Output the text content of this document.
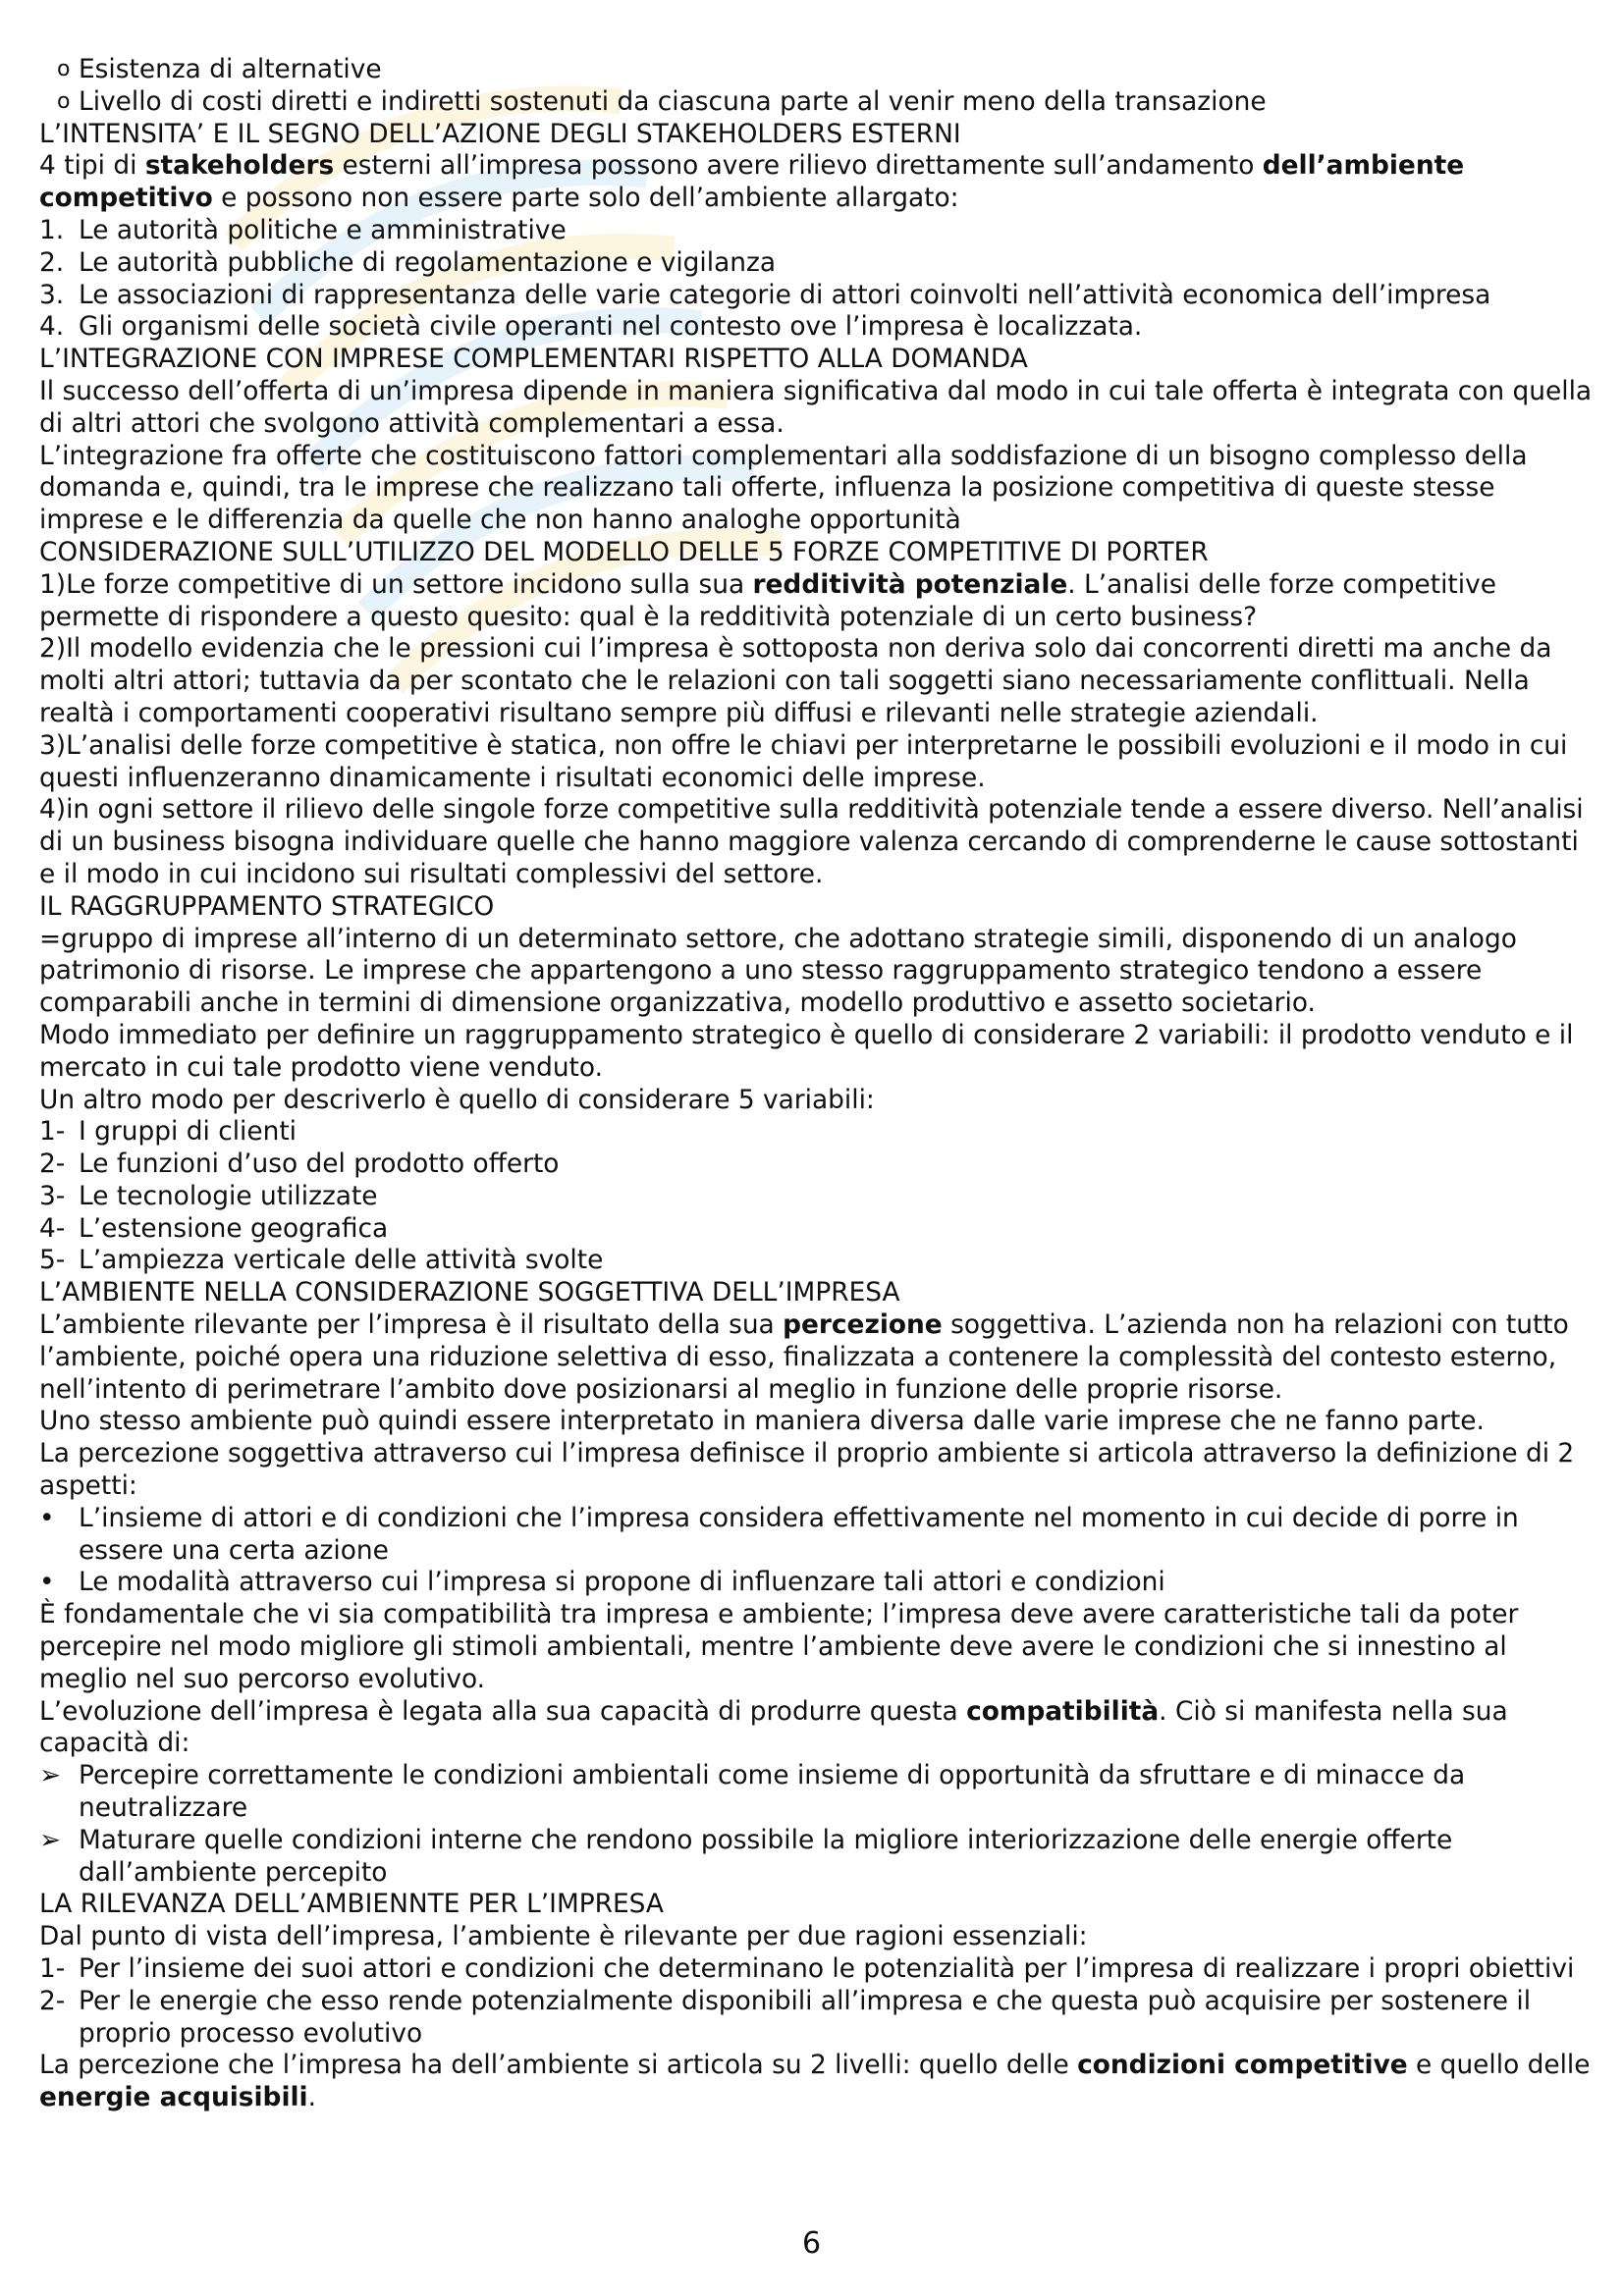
o Esistenza di alternative
o Livello di costi diretti e indiretti sostenuti da ciascuna parte al venir meno della transazione

L’INTENSITA’ E IL SEGNO DELL’AZIONE DEGLI STAKEHOLDERS ESTERNI

4 tipi di stakeholders esterni all’impresa possono avere rilievo direttamente sull’andamento dell’ambiente competitivo e possono non essere parte solo dell’ambiente allargato:

1. Le autorità politiche e amministrative
2. Le autorità pubbliche di regolamentazione e vigilanza
3. Le associazioni di rappresentanza delle varie categorie di attori coinvolti nell’attività economica dell’impresa
4. Gli organismi delle società civile operanti nel contesto ove l’impresa è localizzata.

L’INTEGRAZIONE CON IMPRESE COMPLEMENTARI RISPETTO ALLA DOMANDA

Il successo dell’offerta di un’impresa dipende in maniera significativa dal modo in cui tale offerta è integrata con quella di altri attori che svolgono attività complementari a essa.

L’integrazione fra offerte che costituiscono fattori complementari alla soddisfazione di un bisogno complesso della domanda e, quindi, tra le imprese che realizzano tali offerte, influenza la posizione competitiva di queste stesse imprese e le differenzia da quelle che non hanno analoghe opportunità

CONSIDERAZIONE SULL’UTILIZZO DEL MODELLO DELLE 5 FORZE COMPETITIVE DI PORTER

1)Le forze competitive di un settore incidono sulla sua redditività potenziale. L’analisi delle forze competitive permette di rispondere a questo quesito: qual è la redditività potenziale di un certo business?

2)Il modello evidenzia che le pressioni cui l’impresa è sottoposta non deriva solo dai concorrenti diretti ma anche da molti altri attori; tuttavia da per scontato che le relazioni con tali soggetti siano necessariamente conflittuali. Nella realtà i comportamenti cooperativi risultano sempre più diffusi e rilevanti nelle strategie aziendali.

3)L’analisi delle forze competitive è statica, non offre le chiavi per interpretarne le possibili evoluzioni e il modo in cui questi influenzeranno dinamicamente i risultati economici delle imprese.

4)in ogni settore il rilievo delle singole forze competitive sulla redditività potenziale tende a essere diverso. Nell’analisi di un business bisogna individuare quelle che hanno maggiore valenza cercando di comprenderne le cause sottostanti e il modo in cui incidono sui risultati complessivi del settore.

IL RAGGRUPPAMENTO STRATEGICO

=gruppo di imprese all’interno di un determinato settore, che adottano strategie simili, disponendo di un analogo patrimonio di risorse. Le imprese che appartengono a uno stesso raggruppamento strategico tendono a essere comparabili anche in termini di dimensione organizzativa, modello produttivo e assetto societario.

Modo immediato per definire un raggruppamento strategico è quello di considerare 2 variabili: il prodotto venduto e il mercato in cui tale prodotto viene venduto.

Un altro modo per descriverlo è quello di considerare 5 variabili:

1- I gruppi di clienti
2- Le funzioni d’uso del prodotto offerto
3- Le tecnologie utilizzate
4- L’estensione geografica
5- L’ampiezza verticale delle attività svolte

L’AMBIENTE NELLA CONSIDERAZIONE SOGGETTIVA DELL’IMPRESA

L’ambiente rilevante per l’impresa è il risultato della sua percezione soggettiva. L’azienda non ha relazioni con tutto l’ambiente, poiché opera una riduzione selettiva di esso, finalizzata a contenere la complessità del contesto esterno, nell’intento di perimetrare l’ambito dove posizionarsi al meglio in funzione delle proprie risorse.

Uno stesso ambiente può quindi essere interpretato in maniera diversa dalle varie imprese che ne fanno parte.

La percezione soggettiva attraverso cui l’impresa definisce il proprio ambiente si articola attraverso la definizione di 2 aspetti:

• L’insieme di attori e di condizioni che l’impresa considera effettivamente nel momento in cui decide di porre in essere una certa azione
• Le modalità attraverso cui l’impresa si propone di influenzare tali attori e condizioni

È fondamentale che vi sia compatibilità tra impresa e ambiente; l’impresa deve avere caratteristiche tali da poter percepire nel modo migliore gli stimoli ambientali, mentre l’ambiente deve avere le condizioni che si innestino al meglio nel suo percorso evolutivo.

L’evoluzione dell’impresa è legata alla sua capacità di produrre questa compatibilità. Ciò si manifesta nella sua capacità di:

➢ Percepire correttamente le condizioni ambientali come insieme di opportunità da sfruttare e di minacce da neutralizzare
➢ Maturare quelle condizioni interne che rendono possibile la migliore interiorizzazione delle energie offerte dall’ambiente percepito

LA RILEVANZA DELL’AMBIENNTE PER L’IMPRESA

Dal punto di vista dell’impresa, l’ambiente è rilevante per due ragioni essenziali:

1- Per l’insieme dei suoi attori e condizioni che determinano le potenzialità per l’impresa di realizzare i propri obiettivi
2- Per le energie che esso rende potenzialmente disponibili all’impresa e che questa può acquisire per sostenere il proprio processo evolutivo

La percezione che l’impresa ha dell’ambiente si articola su 2 livelli: quello delle condizioni competitive e quello delle energie acquisibili.

6
